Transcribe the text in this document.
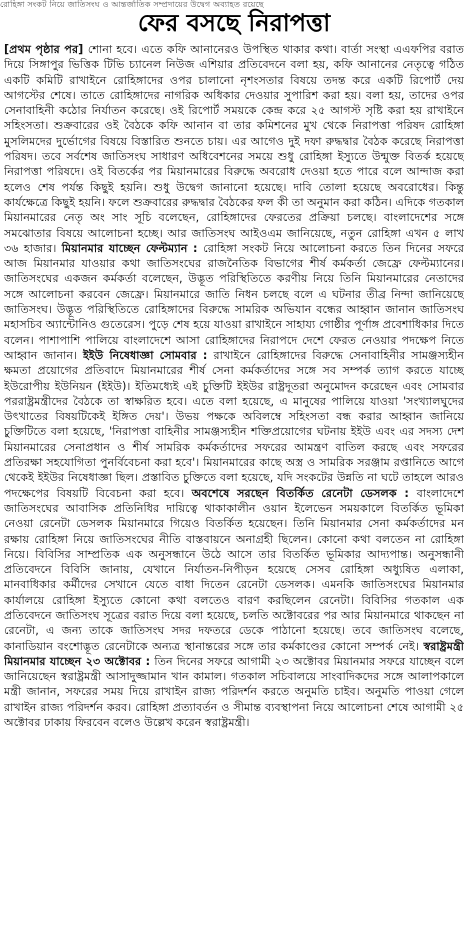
রোহিঙ্গা সংকট নিয়ে জাতিসংঘ ও আন্তর্জাতিক সম্প্রদায়ের উদ্বেগ অব্যাহত রয়েছে
ফের বসছে নিরাপত্তা

[প্রথম পৃষ্ঠার পর] শোনা হবে। এতে কফি আনানেরও উপস্থিত থাকার কথা। বার্তা সংস্থা এএফপির বরাত দিয়ে সিঙ্গাপুর ভিত্তিক টিভি চ্যানেল নিউজ এশিয়ার প্রতিবেদনে বলা হয়, কফি আনানের নেতৃত্বে গঠিত একটি কমিটি রাখাইনে রোহিঙ্গাদের ওপর চালানো নৃশংসতার বিষয়ে তদন্ত করে একটি রিপোর্ট দেয় আগস্টের শেষে। তাতে রোহিঙ্গাদের নাগরিক অধিকার দেওয়ার সুপারিশ করা হয়। বলা হয়, তাদের ওপর সেনাবাহিনী কঠোর নির্যাতন করেছে। ওই রিপোর্ট সময়কে কেন্দ্র করে ২৫ আগস্ট সৃষ্টি করা হয় রাখাইনে সহিংসতা। শুক্রবারের ওই বৈঠকে কফি আনান বা তার কমিশনের মুখ থেকে নিরাপত্তা পরিষদ রোহিঙ্গা মুসলিমদের দুর্ভোগের বিষয়ে বিস্তারিত শুনতে চায়। এর আগেও দুই দফা রুদ্ধদ্বার বৈঠক করেছে নিরাপত্তা পরিষদ। তবে সর্বশেষ জাতিসংঘ সাধারণ অধিবেশনের সময়ে শুধু রোহিঙ্গা ইস্যুতে উন্মুক্ত বিতর্ক হয়েছে নিরাপত্তা পরিষদে। ওই বিতর্কের পর মিয়ানমারের বিরুদ্ধে অবরোধ দেওয়া হতে পারে বলে আন্দাজ করা হলেও শেষ পর্যন্ত কিছুই হয়নি। শুধু উদ্বেগ জানানো হয়েছে। দাবি তোলা হয়েছে অবরোধের। কিন্তু কার্যক্ষেত্রে কিছুই হয়নি। ফলে শুক্রবারের রুদ্ধদ্বার বৈঠকের ফল কী তা অনুমান করা কঠিন। এদিকে গতকাল মিয়ানমারের নেতৃ অং সাং সূচি বলেছেন, রোহিঙ্গাদের ফেরতের প্রক্রিয়া চলছে। বাংলাদেশের সঙ্গে সমঝোতার বিষয়ে আলোচনা হচ্ছে। আর জাতিসংঘ আইওএম জানিয়েছে, নতুন রোহিঙ্গা এখন ৫ লাখ ৩৬ হাজার। মিয়ানমার যাচ্ছেন ফেল্টম্যান : রোহিঙ্গা সংকট নিয়ে আলোচনা করতে তিন দিনের সফরে আজ মিয়ানমার যাওয়ার কথা জাতিসংঘের রাজনৈতিক বিভাগের শীর্ষ কর্মকর্তা জেফ্রে ফেল্টম্যানের। জাতিসংঘের একজন কর্মকর্তা বলেছেন, উদ্ভূত পরিস্থিতিতে করণীয় নিয়ে তিনি মিয়ানমারের নেতাদের সঙ্গে আলোচনা করবেন জেফ্রে। মিয়ানমারে জাতি নিধন চলছে বলে এ ঘটনার তীব্র নিন্দা জানিয়েছে জাতিসংঘ। উদ্ভূত পরিস্থিতিতে রোহিঙ্গাদের বিরুদ্ধে সামরিক অভিযান বন্ধের আহ্বান জানান জাতিসংঘ মহাসচিব অ্যান্টোনিও গুতেরেস। পুড়ে শেষ হয়ে যাওয়া রাখাইনে সাহায্য গোষ্ঠীর পূর্ণাঙ্গ প্রবেশাধিকার দিতে বলেন। পাশাপাশি পালিয়ে বাংলাদেশে আসা রোহিঙ্গাদের নিরাপদে দেশে ফেরত নেওয়ার পদক্ষেপ নিতে আহ্বান জানান। ইইউ নিষেধাজ্ঞা সোমবার : রাখাইনে রোহিঙ্গাদের বিরুদ্ধে সেনাবাহিনীর সামঞ্জস্যহীন ক্ষমতা প্রয়োগের প্রতিবাদে মিয়ানমারের শীর্ষ সেনা কর্মকর্তাদের সঙ্গে সব সম্পর্ক ত্যাগ করতে যাচ্ছে ইউরোপীয় ইউনিয়ন (ইইউ)। ইতিমধ্যেই এই চুক্তিটি ইইউর রাষ্ট্রদূতরা অনুমোদন করেছেন এবং সোমবার পররাষ্ট্রমন্ত্রীদের বৈঠকে তা স্বাক্ষরিত হবে। এতে বলা হয়েছে, এ মানুষের পালিয়ে যাওয়া 'সংখ্যালঘুদের উৎখাতের বিষয়টিকেই ইঙ্গিত দেয়'। উভয় পক্ষকে অবিলম্বে সহিংসতা বন্ধ করার আহ্বান জানিয়ে চুক্তিটিতে বলা হয়েছে, 'নিরাপত্তা বাহিনীর সামঞ্জস্যহীন শক্তিপ্রয়োগের ঘটনায় ইইউ এবং এর সদস্য দেশ মিয়ানমারের সেনাপ্রধান ও শীর্ষ সামরিক কর্মকর্তাদের সফরের আমন্ত্রণ বাতিল করছে এবং সফরের প্রতিরক্ষা সহযোগিতা পুনর্বিবেচনা করা হবে'। মিয়ানমারের কাছে অস্ত্র ও সামরিক সরঞ্জাম রপ্তানিতে আগে থেকেই ইইউর নিষেধাজ্ঞা ছিল। প্রস্তাবিত চুক্তিতে বলা হয়েছে, যদি সংকটের উন্নতি না ঘটে তাহলে আরও পদক্ষেপের বিষয়টি বিবেচনা করা হবে। অবশেষে সরছেন বিতর্কিত রেনেটা ডেসলক : বাংলাদেশে জাতিসংঘের আবাসিক প্রতিনিধির দায়িত্বে থাকাকালীন ওয়ান ইলেভেন সময়কালে বিতর্কিত ভূমিকা নেওয়া রেনেটা ডেসলক মিয়ানমারে গিয়েও বিতর্কিত হয়েছেন। তিনি মিয়ানমার সেনা কর্মকর্তাদের মন রক্ষায় রোহিঙ্গা নিয়ে জাতিসংঘের নীতি বাস্তবায়নে অনাগ্রহী ছিলেন। কোনো কথা বলতেন না রোহিঙ্গা নিয়ে। বিবিসির সাম্প্রতিক এক অনুসন্ধানে উঠে আসে তার বিতর্কিত ভূমিকার আদ্যপান্ত। অনুসন্ধানী প্রতিবেদনে বিবিসি জানায়, যেখানে নির্যাতন-নিপীড়ন হয়েছে সেসব রোহিঙ্গা অধ্যুষিত এলাকা, মানবাধিকার কর্মীদের সেখানে যেতে বাধা দিতেন রেনেটা ডেসলক। এমনকি জাতিসংঘের মিয়ানমার কার্যালয়ে রোহিঙ্গা ইস্যুতে কোনো কথা বলতেও বারণ করছিলেন রেনেটা। বিবিসির গতকাল এক প্রতিবেদনে জাতিসংঘ সূত্রের বরাত দিয়ে বলা হয়েছে, চলতি অক্টোবরের পর আর মিয়ানমারে থাকছেন না রেনেটা, এ জন্য তাকে জাতিসংঘ সদর দফতরে ডেকে পাঠানো হয়েছে। তবে জাতিসংঘ বলেছে, কানাডিয়ান বংশোদ্ভূত রেনেটাকে অন্যত্র স্থানান্তরের সঙ্গে তার কর্মকাণ্ডের কোনো সম্পর্ক নেই। স্বরাষ্ট্রমন্ত্রী মিয়ানমার যাচ্ছেন ২৩ অক্টোবর : তিন দিনের সফরে আগামী ২৩ অক্টোবর মিয়ানমার সফরে যাচ্ছেন বলে জানিয়েছেন স্বরাষ্ট্রমন্ত্রী আসাদুজ্জামান খান কামাল। গতকাল সচিবালয়ে সাংবাদিকদের সঙ্গে আলাপকালে মন্ত্রী জানান, সফরের সময় দিয়ে রাখাইন রাজ্য পরিদর্শন করতে অনুমতি চাইব। অনুমতি পাওয়া গেলে রাখাইন রাজ্য পরিদর্শন করব। রোহিঙ্গা প্রত্যাবর্তন ও সীমান্ত ব্যবস্থাপনা নিয়ে আলোচনা শেষে আগামী ২৫ অক্টোবর ঢাকায় ফিরবেন বলেও উল্লেখ করেন স্বরাষ্ট্রমন্ত্রী।
